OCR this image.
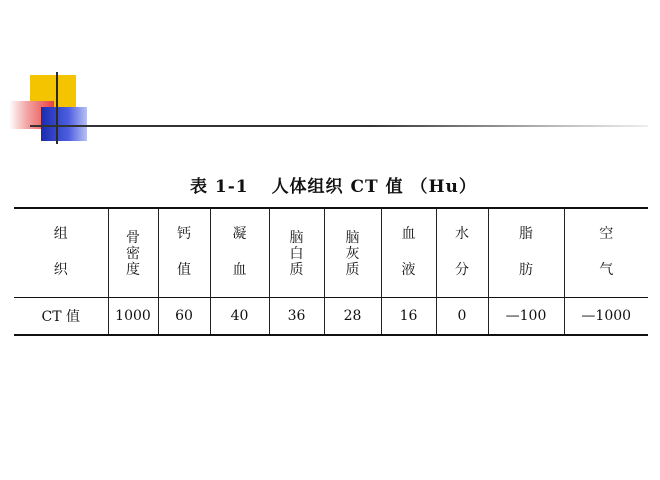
表 1-1 人体组织 CT 值 （Hu）
组
织	骨
密
度	钙
值	凝
血	脑
白
质	脑
灰
质	血
液	水
分	脂
肪	空
气

CT 值	1000	60	40	36	28	16	0	—100	—1000
